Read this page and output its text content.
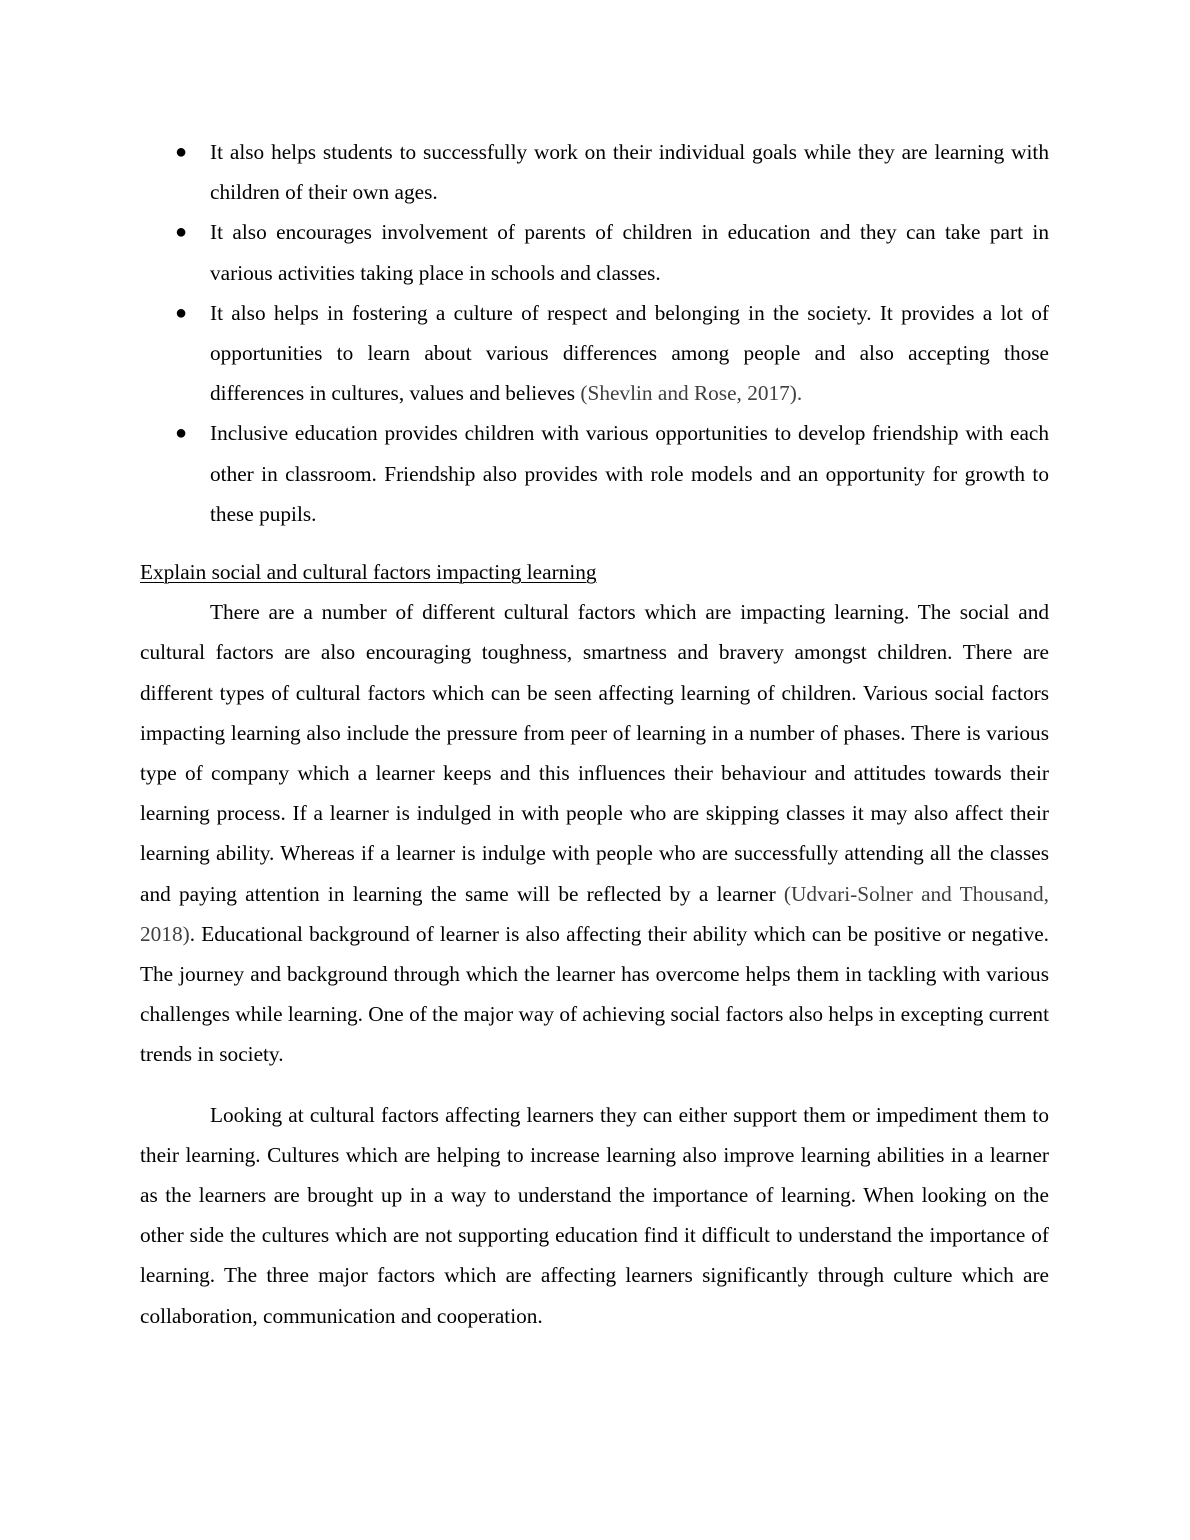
●	It also helps students to successfully work on their individual goals while they are learning with children of their own ages.
●	It also encourages involvement of parents of children in education and they can take part in various activities taking place in schools and classes.
●	It also helps in fostering a culture of respect and belonging in the society. It provides a lot of opportunities to learn about various differences among people and also accepting those differences in cultures, values and believes (Shevlin and Rose, 2017).
●	Inclusive education provides children with various opportunities to develop friendship with each other in classroom. Friendship also provides with role models and an opportunity for growth to these pupils.
Explain social and cultural factors impacting learning

There are a number of different cultural factors which are impacting learning. The social and cultural factors are also encouraging toughness, smartness and bravery amongst children. There are different types of cultural factors which can be seen affecting learning of children. Various social factors impacting learning also include the pressure from peer of learning in a number of phases. There is various type of company which a learner keeps and this influences their behaviour and attitudes towards their learning process. If a learner is indulged in with people who are skipping classes it may also affect their learning ability. Whereas if a learner is indulge with people who are successfully attending all the classes and paying attention in learning the same will be reflected by a learner (Udvari-Solner and Thousand, 2018). Educational background of learner is also affecting their ability which can be positive or negative. The journey and background through which the learner has overcome helps them in tackling with various challenges while learning. One of the major way of achieving social factors also helps in excepting current trends in society.

Looking at cultural factors affecting learners they can either support them or impediment them to their learning. Cultures which are helping to increase learning also improve learning abilities in a learner as the learners are brought up in a way to understand the importance of learning. When looking on the other side the cultures which are not supporting education find it difficult to understand the importance of learning. The three major factors which are affecting learners significantly through culture which are collaboration, communication and cooperation.
